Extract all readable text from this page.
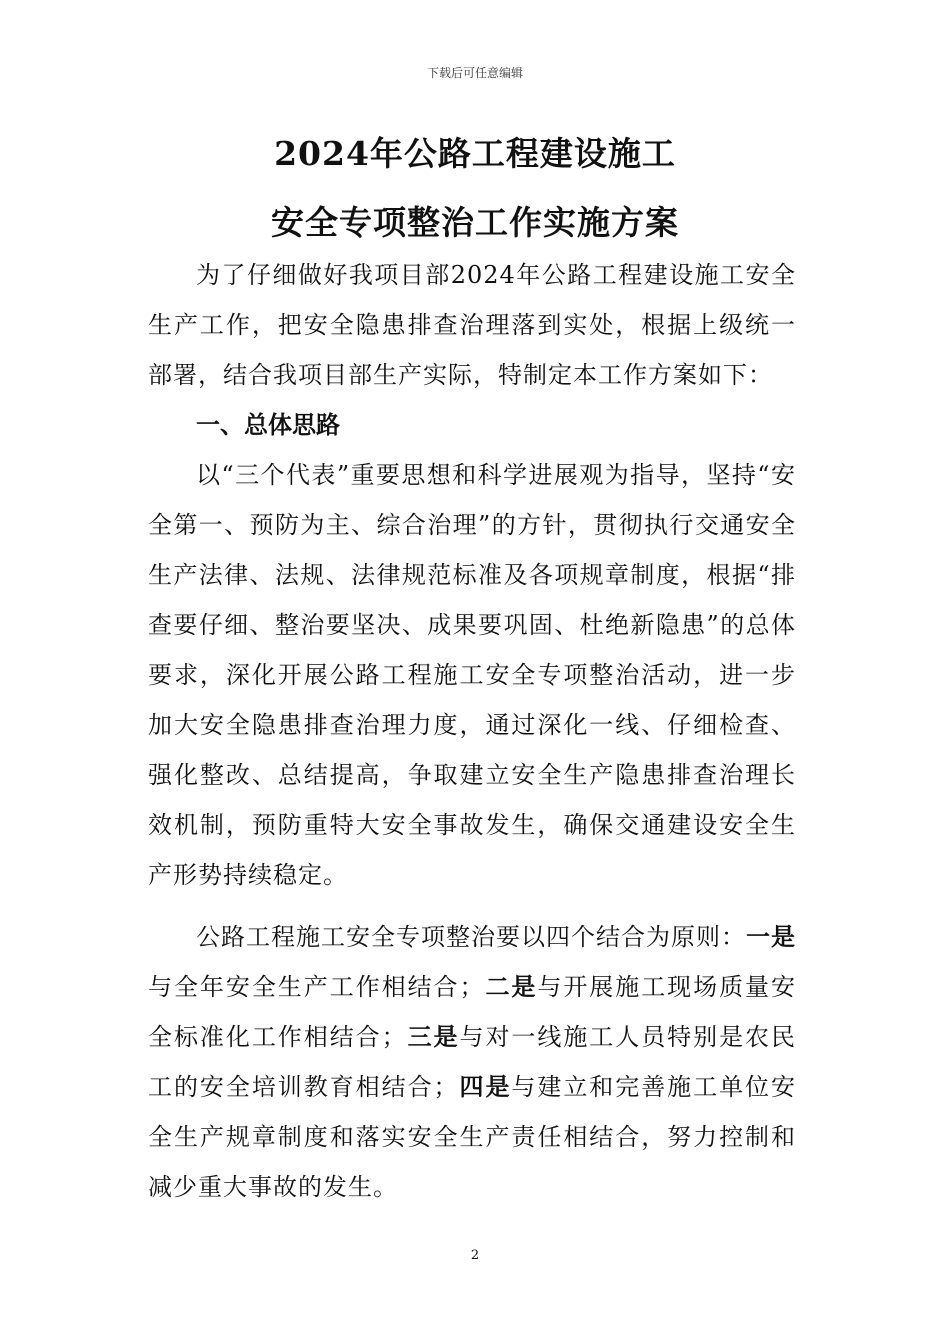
下载后可任意编辑
2024年公路工程建设施工
安全专项整治工作实施方案

为了仔细做好我项目部2024年公路工程建设施工安全生产工作，把安全隐患排查治理落到实处，根据上级统一部署，结合我项目部生产实际，特制定本工作方案如下：

一、总体思路

以“三个代表”重要思想和科学进展观为指导，坚持“安全第一、预防为主、综合治理”的方针，贯彻执行交通安全生产法律、法规、法律规范标准及各项规章制度，根据“排查要仔细、整治要坚决、成果要巩固、杜绝新隐患”的总体要求，深化开展公路工程施工安全专项整治活动，进一步加大安全隐患排查治理力度，通过深化一线、仔细检查、强化整改、总结提高，争取建立安全生产隐患排查治理长效机制，预防重特大安全事故发生，确保交通建设安全生产形势持续稳定。

公路工程施工安全专项整治要以四个结合为原则：一是与全年安全生产工作相结合；二是与开展施工现场质量安全标准化工作相结合；三是与对一线施工人员特别是农民工的安全培训教育相结合；四是与建立和完善施工单位安全生产规章制度和落实安全生产责任相结合，努力控制和减少重大事故的发生。

2
